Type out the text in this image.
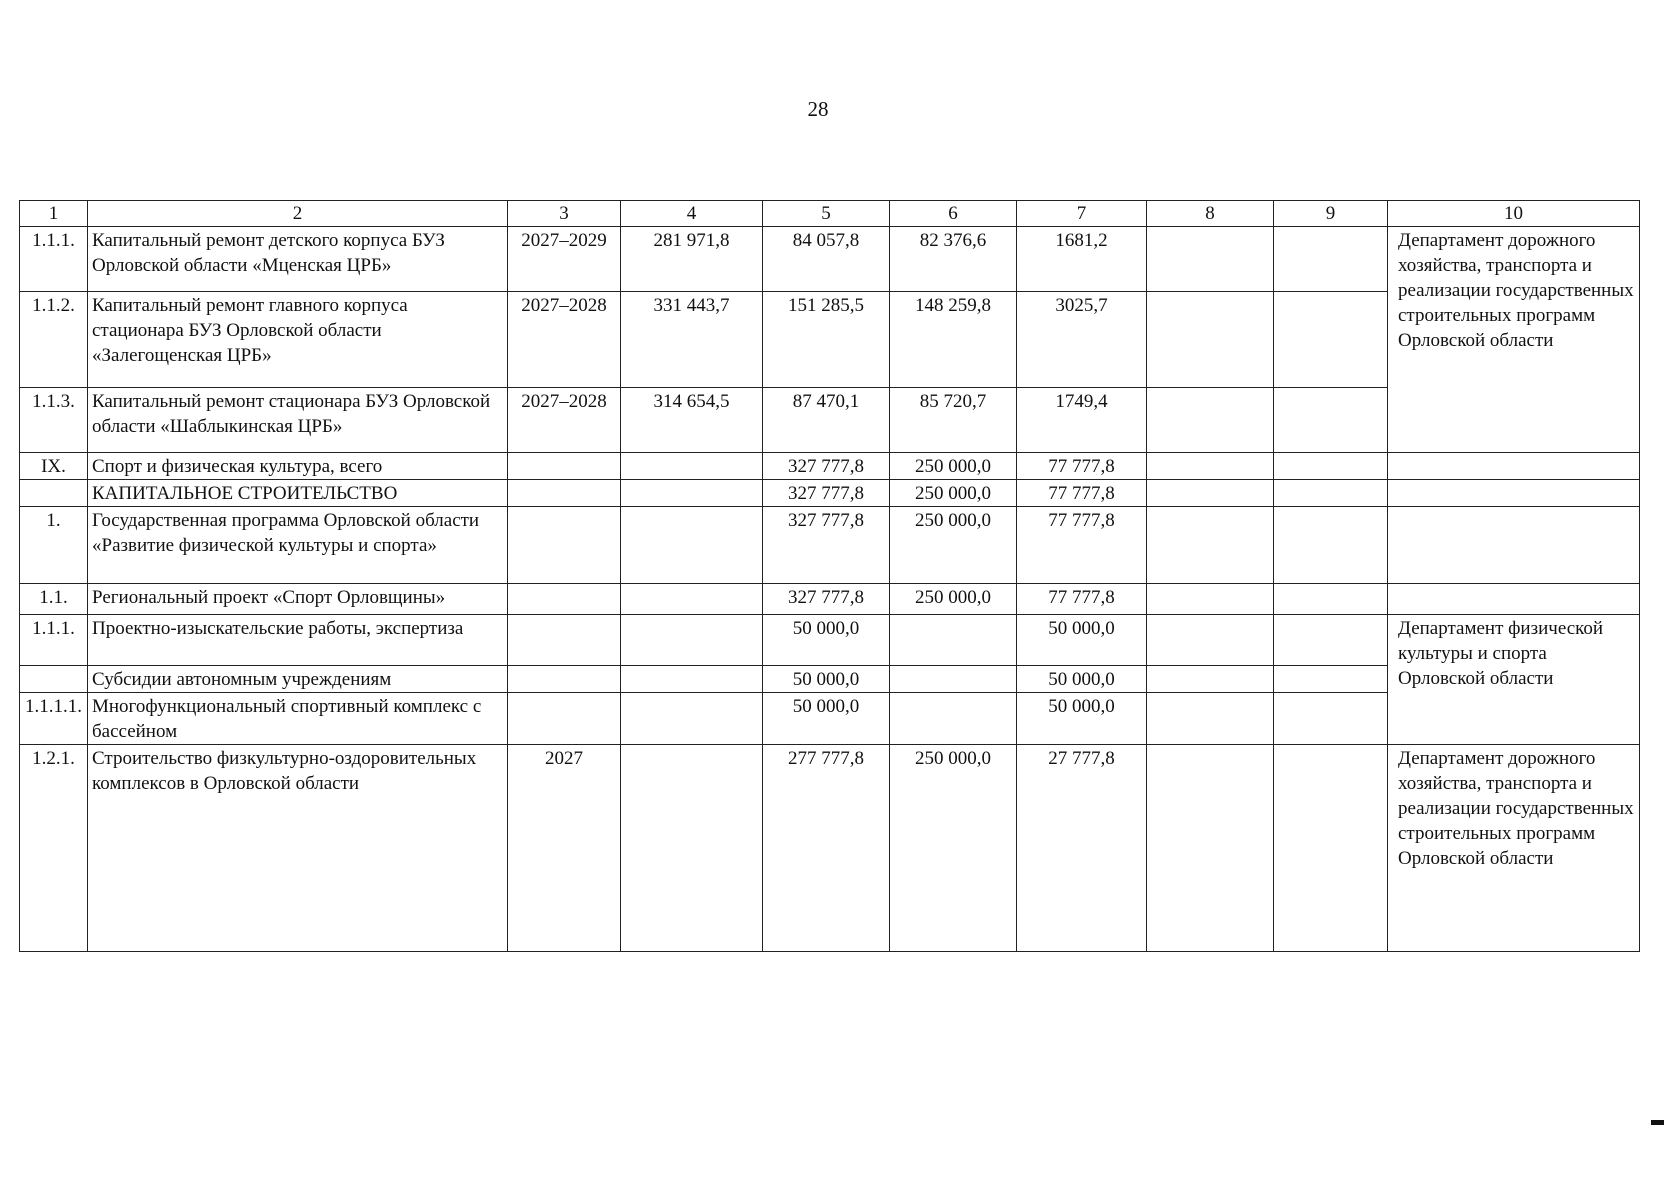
28
1	2	3	4	5	6	7	8	9	10
1.1.1.	Капитальный ремонт детского корпуса БУЗ Орловской области «Мценская ЦРБ»	2027–2029	281 971,8	84 057,8	82 376,6	1681,2			Департамент дорожного хозяйства, транспорта и реализации государственных строительных программ Орловской области
1.1.2.	Капитальный ремонт главного корпуса стационара БУЗ Орловской области «Залегощенская ЦРБ»	2027–2028	331 443,7	151 285,5	148 259,8	3025,7			
1.1.3.	Капитальный ремонт стационара БУЗ Орловской области «Шаблыкинская ЦРБ»	2027–2028	314 654,5	87 470,1	85 720,7	1749,4			
IX.	Спорт и физическая культура, всего			327 777,8	250 000,0	77 777,8			
	КАПИТАЛЬНОЕ СТРОИТЕЛЬСТВО			327 777,8	250 000,0	77 777,8			
1.	Государственная программа Орловской области «Развитие физической культуры и спорта»			327 777,8	250 000,0	77 777,8			
1.1.	Региональный проект «Спорт Орловщины»			327 777,8	250 000,0	77 777,8			
1.1.1.	Проектно-изыскательские работы, экспертиза			50 000,0		50 000,0			Департамент физической культуры и спорта Орловской области
	Субсидии автономным учреждениям			50 000,0		50 000,0			
1.1.1.1.	Многофункциональный спортивный комплекс с бассейном			50 000,0		50 000,0			
1.2.1.	Строительство физкультурно-оздоровительных комплексов в Орловской области	2027		277 777,8	250 000,0	27 777,8			Департамент дорожного хозяйства, транспорта и реализации государственных строительных программ Орловской области
